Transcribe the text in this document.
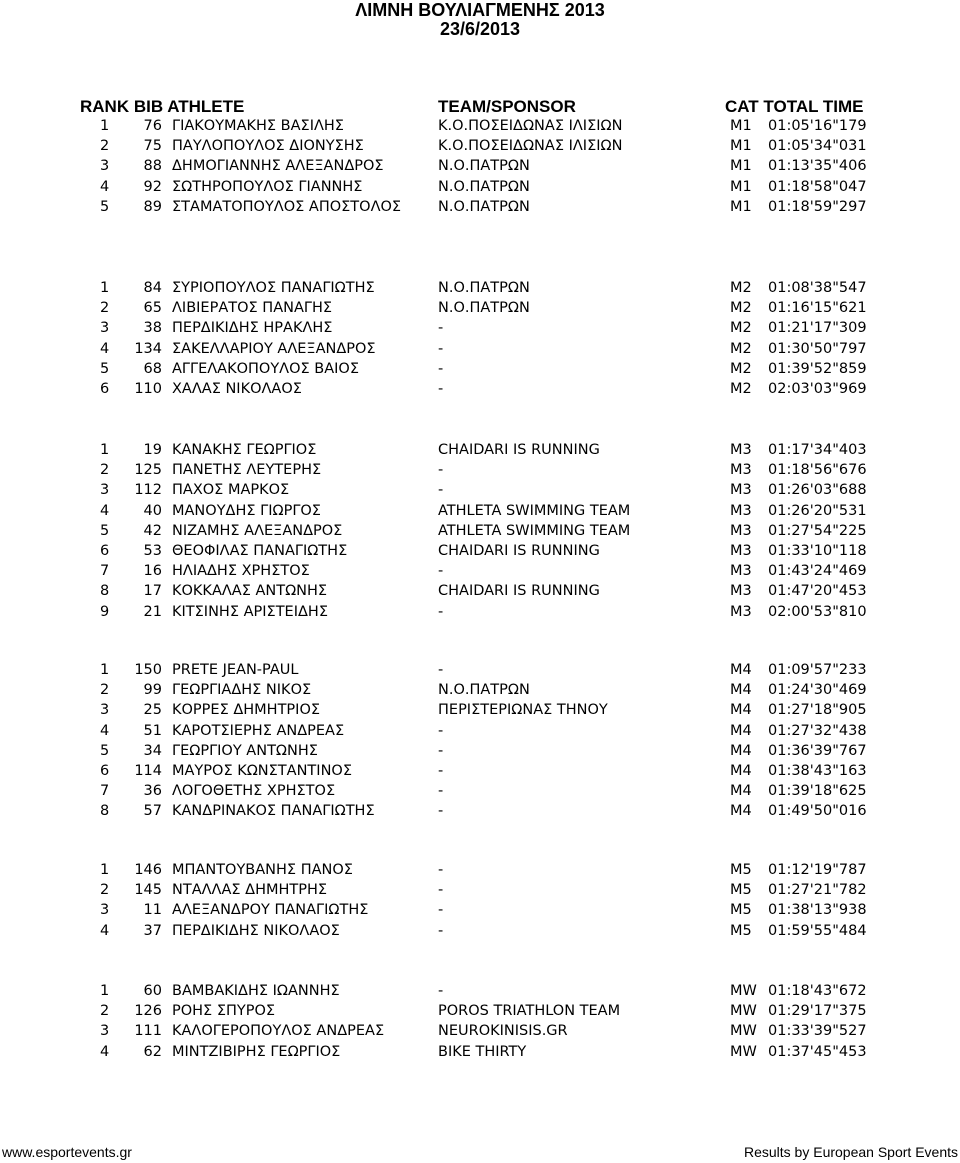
ΛΙΜΝΗ ΒΟΥΛΙΑΓΜΕΝΗΣ 2013
23/6/2013
RANK BIB ATHLETE	TEAM/SPONSOR	CAT TOTAL TIME
1	76 ΓΙΑΚΟΥΜΑΚΗΣ ΒΑΣΙΛΗΣ	Κ.Ο.ΠΟΣΕΙΔΩΝΑΣ ΙΛΙΣΙΩΝ	M1 01:05'16"179
2	75 ΠΑΥΛΟΠΟΥΛΟΣ ΔΙΟΝΥΣΗΣ	Κ.Ο.ΠΟΣΕΙΔΩΝΑΣ ΙΛΙΣΙΩΝ	M1 01:05'34"031
3	88 ΔΗΜΟΓΙΑΝΝΗΣ ΑΛΕΞΑΝΔΡΟΣ	Ν.Ο.ΠΑΤΡΩΝ	M1 01:13'35"406
4	92 ΣΩΤΗΡΟΠΟΥΛΟΣ ΓΙΑΝΝΗΣ	Ν.Ο.ΠΑΤΡΩΝ	M1 01:18'58"047
5	89 ΣΤΑΜΑΤΟΠΟΥΛΟΣ ΑΠΟΣΤΟΛΟΣ	Ν.Ο.ΠΑΤΡΩΝ	M1 01:18'59"297
1	84 ΣΥΡΙΟΠΟΥΛΟΣ ΠΑΝΑΓΙΩΤΗΣ	Ν.Ο.ΠΑΤΡΩΝ	M2 01:08'38"547
2	65 ΛΙΒΙΕΡΑΤΟΣ ΠΑΝΑΓΗΣ	Ν.Ο.ΠΑΤΡΩΝ	M2 01:16'15"621
3	38 ΠΕΡΔΙΚΙΔΗΣ ΗΡΑΚΛΗΣ	-	M2 01:21'17"309
4	134 ΣΑΚΕΛΛΑΡΙΟΥ ΑΛΕΞΑΝΔΡΟΣ	-	M2 01:30'50"797
5	68 ΑΓΓΕΛΑΚΟΠΟΥΛΟΣ ΒΑΙΟΣ	-	M2 01:39'52"859
6	110 ΧΑΛΑΣ ΝΙΚΟΛΑΟΣ	-	M2 02:03'03"969
1	19 ΚΑΝΑΚΗΣ ΓΕΩΡΓΙΟΣ	CHAIDARI IS RUNNING	M3 01:17'34"403
2	125 ΠΑΝΕΤΗΣ ΛΕΥΤΕΡΗΣ	-	M3 01:18'56"676
3	112 ΠΑΧΟΣ ΜΑΡΚΟΣ	-	M3 01:26'03"688
4	40 ΜΑΝΟΥΔΗΣ ΓΙΩΡΓΟΣ	ATHLETA SWIMMING TEAM	M3 01:26'20"531
5	42 ΝΙΖΑΜΗΣ ΑΛΕΞΑΝΔΡΟΣ	ATHLETA SWIMMING TEAM	M3 01:27'54"225
6	53 ΘΕΟΦΙΛΑΣ ΠΑΝΑΓΙΩΤΗΣ	CHAIDARI IS RUNNING	M3 01:33'10"118
7	16 ΗΛΙΑΔΗΣ ΧΡΗΣΤΟΣ	-	M3 01:43'24"469
8	17 ΚΟΚΚΑΛΑΣ ΑΝΤΩΝΗΣ	CHAIDARI IS RUNNING	M3 01:47'20"453
9	21 ΚΙΤΣΙΝΗΣ ΑΡΙΣΤΕΙΔΗΣ	-	M3 02:00'53"810
1	150 PRETE JEAN-PAUL	-	M4 01:09'57"233
2	99 ΓΕΩΡΓΙΑΔΗΣ ΝΙΚΟΣ	Ν.Ο.ΠΑΤΡΩΝ	M4 01:24'30"469
3	25 ΚΟΡΡΕΣ ΔΗΜΗΤΡΙΟΣ	ΠΕΡΙΣΤΕΡΙΩΝΑΣ ΤΗΝΟΥ	M4 01:27'18"905
4	51 ΚΑΡΟΤΣΙΕΡΗΣ ΑΝΔΡΕΑΣ	-	M4 01:27'32"438
5	34 ΓΕΩΡΓΙΟΥ ΑΝΤΩΝΗΣ	-	M4 01:36'39"767
6	114 ΜΑΥΡΟΣ ΚΩΝΣΤΑΝΤΙΝΟΣ	-	M4 01:38'43"163
7	36 ΛΟΓΟΘΕΤΗΣ ΧΡΗΣΤΟΣ	-	M4 01:39'18"625
8	57 ΚΑΝΔΡΙΝΑΚΟΣ ΠΑΝΑΓΙΩΤΗΣ	-	M4 01:49'50"016
1	146 ΜΠΑΝΤΟΥΒΑΝΗΣ ΠΑΝΟΣ	-	M5 01:12'19"787
2	145 ΝΤΑΛΛΑΣ ΔΗΜΗΤΡΗΣ	-	M5 01:27'21"782
3	11 ΑΛΕΞΑΝΔΡΟΥ ΠΑΝΑΓΙΩΤΗΣ	-	M5 01:38'13"938
4	37 ΠΕΡΔΙΚΙΔΗΣ ΝΙΚΟΛΑΟΣ	-	M5 01:59'55"484
1	60 ΒΑΜΒΑΚΙΔΗΣ ΙΩΑΝΝΗΣ	-	MW 01:18'43"672
2	126 ΡΟΗΣ ΣΠΥΡΟΣ	POROS TRIATHLON TEAM	MW 01:29'17"375
3	111 ΚΑΛΟΓΕΡΟΠΟΥΛΟΣ ΑΝΔΡΕΑΣ	NEUROKINISIS.GR	MW 01:33'39"527
4	62 ΜΙΝΤΖΙΒΙΡΗΣ ΓΕΩΡΓΙΟΣ	BIKE THIRTY	MW 01:37'45"453
www.esportevents.gr	Results by European Sport Events
